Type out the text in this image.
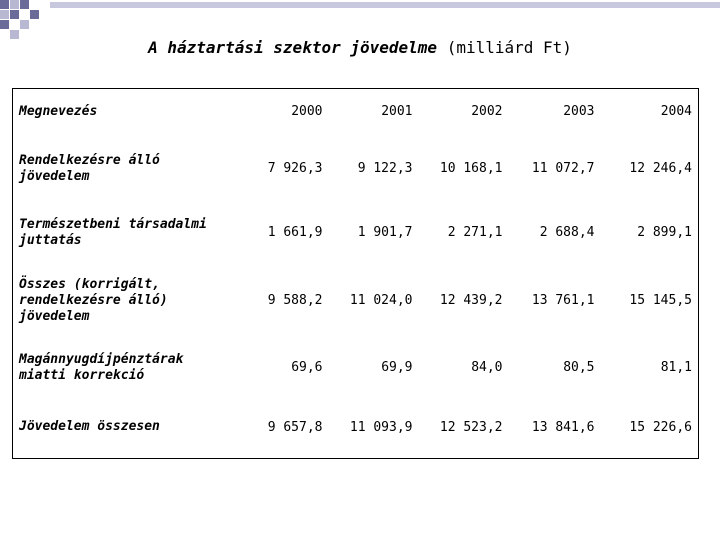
A háztartási szektor jövedelme (milliárd Ft)
Megnevezés	2000	2001	2002	2003	2004
Rendelkezésre álló jövedelem	7 926,3	9 122,3	10 168,1	11 072,7	12 246,4
Természetbeni társadalmi juttatás	1 661,9	1 901,7	2 271,1	2 688,4	2 899,1
Összes (korrigált, rendelkezésre álló) jövedelem	9 588,2	11 024,0	12 439,2	13 761,1	15 145,5
Magánnyugdíjpénztárak miatti korrekció	69,6	69,9	84,0	80,5	81,1
Jövedelem összesen	9 657,8	11 093,9	12 523,2	13 841,6	15 226,6
